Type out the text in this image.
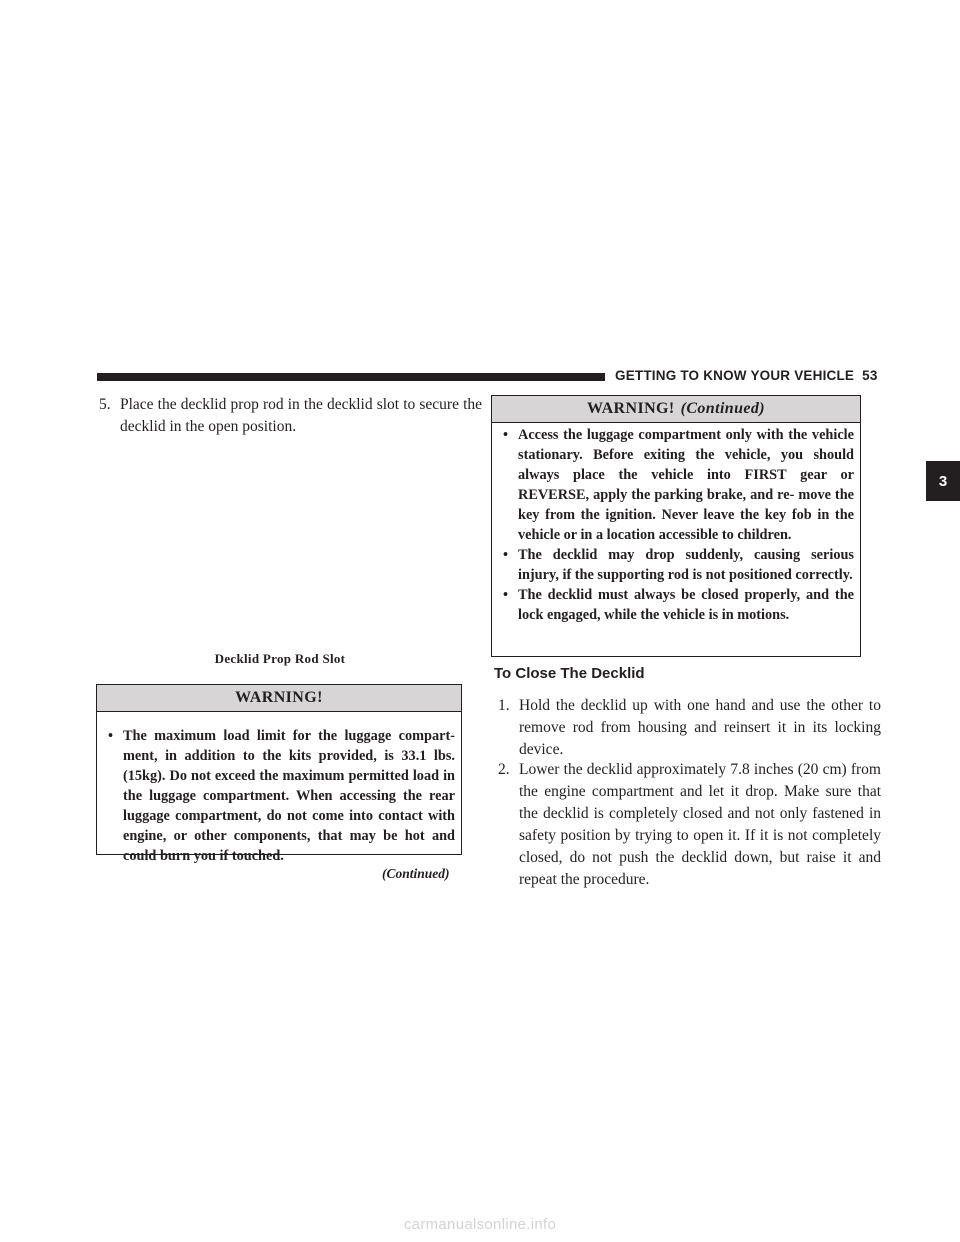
GETTING TO KNOW YOUR VEHICLE 53
3
5. Place the decklid prop rod in the decklid slot to secure the decklid in the open position.
Decklid Prop Rod Slot
WARNING!
• The maximum load limit for the luggage compart- ment, in addition to the kits provided, is 33.1 lbs. (15kg). Do not exceed the maximum permitted load in the luggage compartment. When accessing the rear luggage compartment, do not come into contact with engine, or other components, that may be hot and could burn you if touched.
(Continued)
WARNING! (Continued)
• Access the luggage compartment only with the vehicle stationary. Before exiting the vehicle, you should always place the vehicle into FIRST gear or REVERSE, apply the parking brake, and re- move the key from the ignition. Never leave the key fob in the vehicle or in a location accessible to children.
• The decklid may drop suddenly, causing serious injury, if the supporting rod is not positioned correctly.
• The decklid must always be closed properly, and the lock engaged, while the vehicle is in motions.
To Close The Decklid
1. Hold the decklid up with one hand and use the other to remove rod from housing and reinsert it in its locking device.
2. Lower the decklid approximately 7.8 inches (20 cm) from the engine compartment and let it drop. Make sure that the decklid is completely closed and not only fastened in safety position by trying to open it. If it is not completely closed, do not push the decklid down, but raise it and repeat the procedure.
carmanualsonline.info
